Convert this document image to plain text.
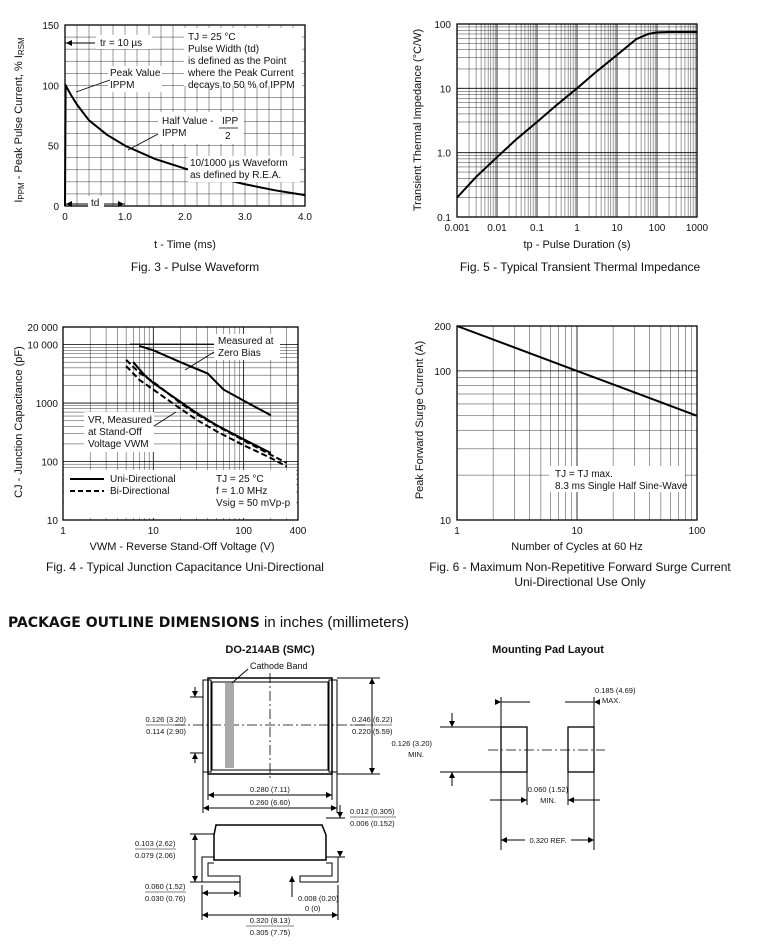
0	1.0	2.0	3.0	4.0
0
50
100
150
IPPM - Peak Pulse Current, % IRSM
t - Time (ms)
tr = 10 µs
TJ = 25 °C
Pulse Width (td)
is defined as the Point
where the Peak Current
decays to 50 % of IPPM
Peak Value
IPPM
Half Value -
IPPM
IPP
2
10/1000 µs Waveform
as defined by R.E.A.
td
Fig. 3 - Pulse Waveform
0.001 0.01 0.1	1	10	100 1000
0.1
1.0
10
100
Transient Thermal Impedance (°C/W)
tp - Pulse Duration (s)
Fig. 5 - Typical Transient Thermal Impedance
1	10	100	400
10
100
1000
10 000
20 000
CJ - Junction Capacitance (pF)
VWM - Reverse Stand-Off Voltage (V)
Measured at
Zero Bias
VR, Measured
at Stand-Off
Voltage VWM
Uni-Directional
Bi-Directional
TJ = 25 °C
f = 1.0 MHz
Vsig = 50 mVp-p
Fig. 4 - Typical Junction Capacitance Uni-Directional
1	10	100
10
100
200
Peak Forward Surge Current (A)
Number of Cycles at 60 Hz
TJ = TJ max.
8.3 ms Single Half Sine-Wave
Fig. 6 - Maximum Non-Repetitive Forward Surge Current
Uni-Directional Use Only
PACKAGE OUTLINE DIMENSIONS in inches (millimeters)
DO-214AB (SMC)
Cathode Band
0.126 (3.20)
0.114 (2.90)
0.246 (6.22)
0.220 (5.59)
0.280 (7.11)
0.260 (6.60)
0.012 (0.305)
0.006 (0.152)
0.103 (2.62)
0.079 (2.06)
0.060 (1.52)
0.030 (0.76)	0.008 (0.20)
0 (0)
0.320 (8.13)
0.305 (7.75)
Mounting Pad Layout
0.185 (4.69)
MAX.
0.126 (3.20)
MIN.
0.060 (1.52)
MIN.
0.320 REF.
